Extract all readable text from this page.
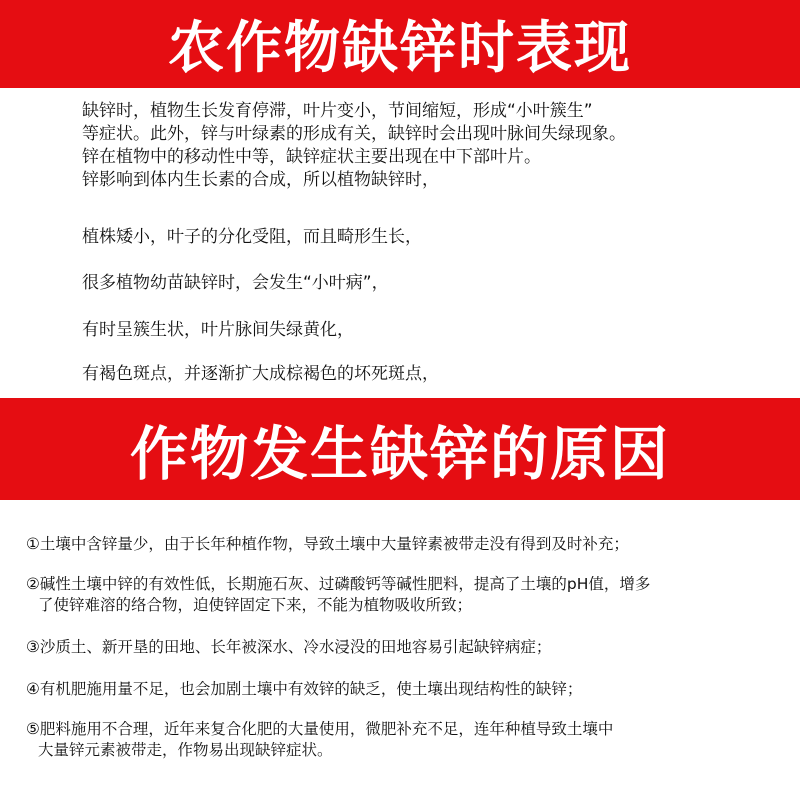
农作物缺锌时表现
缺锌时，植物生长发育停滞，叶片变小，节间缩短，形成“小叶簇生”
等症状。此外，锌与叶绿素的形成有关，缺锌时会出现叶脉间失绿现象。
锌在植物中的移动性中等，缺锌症状主要出现在中下部叶片。
锌影响到体内生长素的合成，所以植物缺锌时，
植株矮小，叶子的分化受阻，而且畸形生长，
很多植物幼苗缺锌时，会发生“小叶病”，
有时呈簇生状，叶片脉间失绿黄化，
有褐色斑点，并逐渐扩大成棕褐色的坏死斑点，
作物发生缺锌的原因
①土壤中含锌量少，由于长年种植作物，导致土壤中大量锌素被带走没有得到及时补充；
②碱性土壤中锌的有效性低，长期施石灰、过磷酸钙等碱性肥料，提高了土壤的pH值，增多
了使锌难溶的络合物，迫使锌固定下来，不能为植物吸收所致；
③沙质土、新开垦的田地、长年被深水、冷水浸没的田地容易引起缺锌病症；
④有机肥施用量不足，也会加剧土壤中有效锌的缺乏，使土壤出现结构性的缺锌；
⑤肥料施用不合理，近年来复合化肥的大量使用，微肥补充不足，连年种植导致土壤中
大量锌元素被带走，作物易出现缺锌症状。
